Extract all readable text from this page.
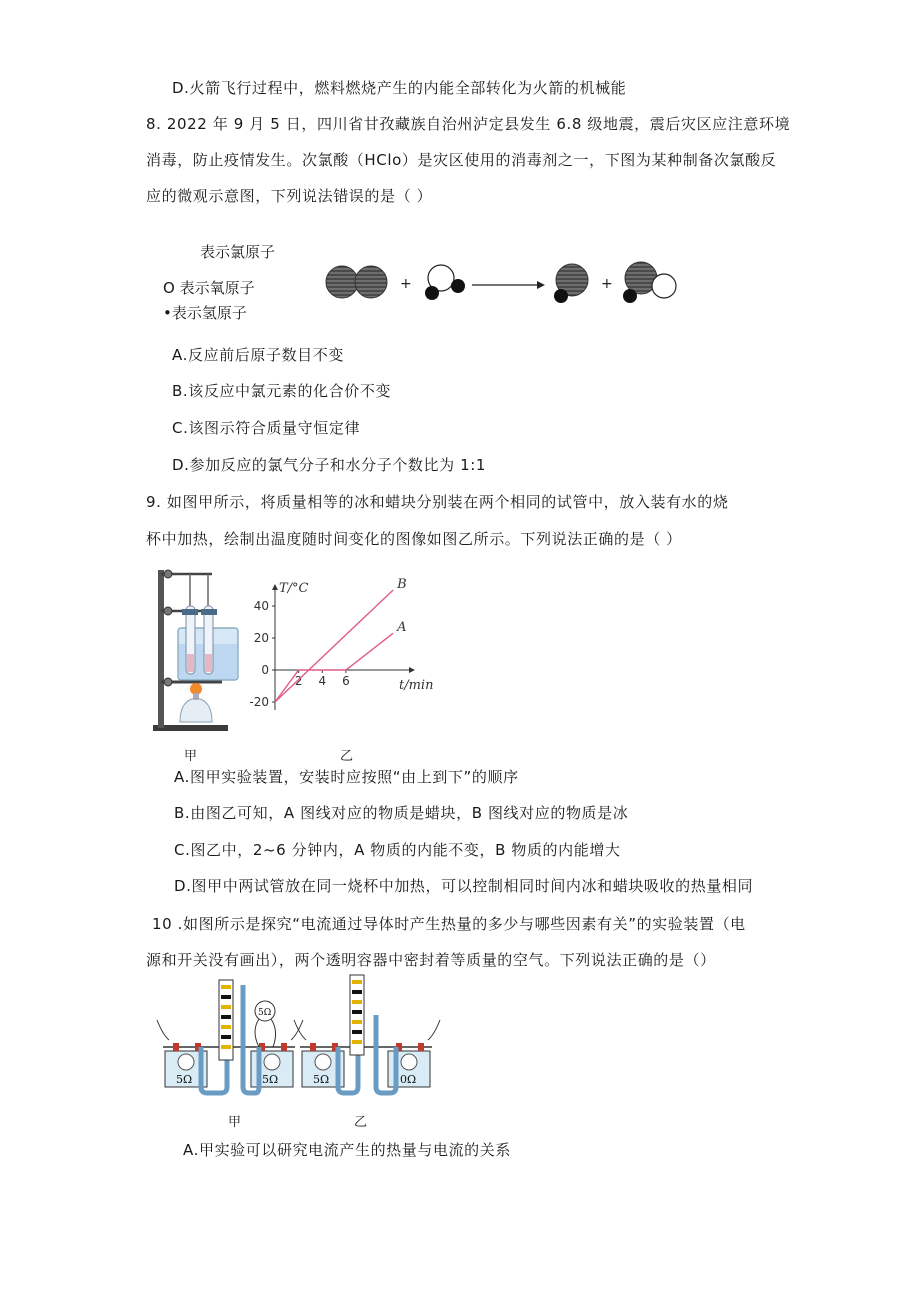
D.火箭飞行过程中，燃料燃烧产生的内能全部转化为火箭的机械能
8. 2022 年 9 月 5 日，四川省甘孜藏族自治州泸定县发生 6.8 级地震，震后灾区应注意环境
消毒，防止疫情发生。次氯酸（HClo）是灾区使用的消毒剂之一，下图为某种制备次氯酸反
应的微观示意图，下列说法错误的是（ ）
表示氯原子
O 表示氧原子
•表示氢原子
+	+
A.反应前后原子数目不变
B.该反应中氯元素的化合价不变
C.该图示符合质量守恒定律
D.参加反应的氯气分子和水分子个数比为 1:1
9. 如图甲所示，将质量相等的冰和蜡块分别装在两个相同的试管中，放入装有水的烧
杯中加热，绘制出温度随时间变化的图像如图乙所示。下列说法正确的是（ ）
甲
40
20
0
-20
2 4 6
T/°C
t/min
A
B
乙
A.图甲实验装置，安装时应按照“由上到下”的顺序
B.由图乙可知，A 图线对应的物质是蜡块，B 图线对应的物质是冰
C.图乙中，2~6 分钟内，A 物质的内能不变，B 物质的内能增大
D.图甲中两试管放在同一烧杯中加热，可以控制相同时间内冰和蜡块吸收的热量相同
10 .如图所示是探究“电流通过导体时产生热量的多少与哪些因素有关”的实验装置（电
源和开关没有画出），两个透明容器中密封着等质量的空气。下列说法正确的是（）
5Ω	5Ω
5Ω
甲
5Ω	10Ω
乙
A.甲实验可以研究电流产生的热量与电流的关系
